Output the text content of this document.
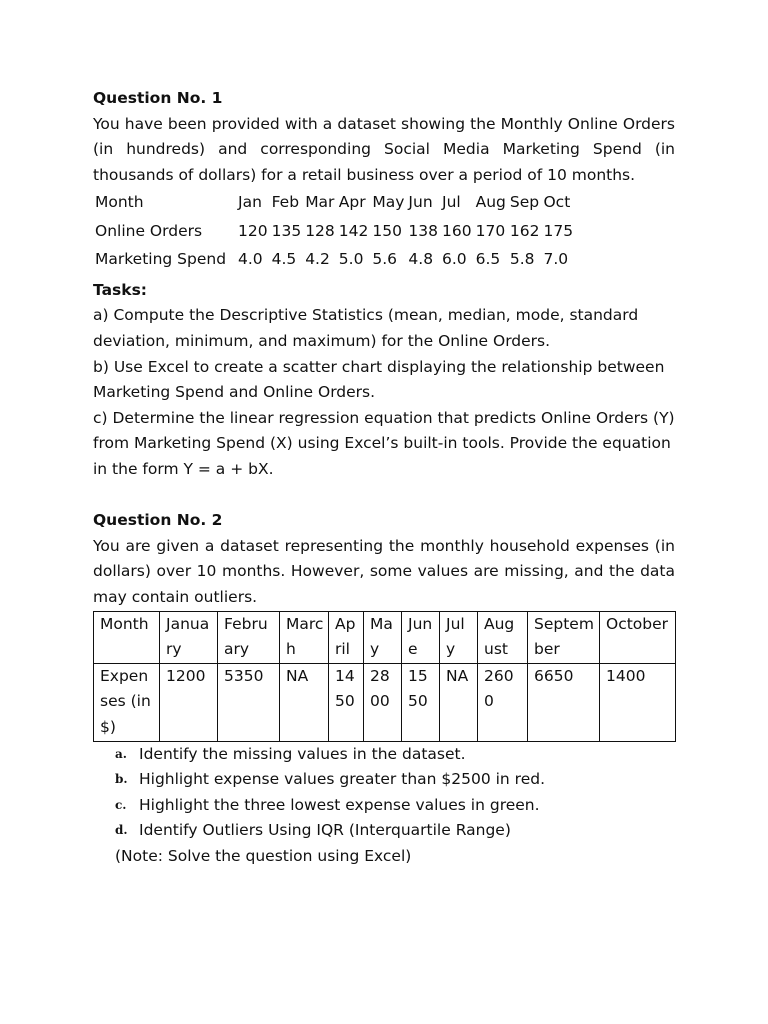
Question No. 1
You have been provided with a dataset showing the Monthly Online Orders (in hundreds) and corresponding Social Media Marketing Spend (in thousands of dollars) for a retail business over a period of 10 months.
Month	Jan	Feb	Mar	Apr	May	Jun	Jul	Aug	Sep	Oct
Online Orders	120	135	128	142	150	138	160	170	162	175
Marketing Spend	4.0	4.5	4.2	5.0	5.6	4.8	6.0	6.5	5.8	7.0
Tasks:
a) Compute the Descriptive Statistics (mean, median, mode, standard deviation, minimum, and maximum) for the Online Orders.
b) Use Excel to create a scatter chart displaying the relationship between Marketing Spend and Online Orders.
c) Determine the linear regression equation that predicts Online Orders (Y) from Marketing Spend (X) using Excel’s built-in tools. Provide the equation in the form Y = a + bX.
Question No. 2
You are given a dataset representing the monthly household expenses (in dollars) over 10 months. However, some values are missing, and the data may contain outliers.
Month	January	February	March	April	May	June	July	August	September	October
Expenses (in $)	1200	5350	NA	1450	2800	1550	NA	2600	6650	1400
a. Identify the missing values in the dataset.
b. Highlight expense values greater than $2500 in red.
c. Highlight the three lowest expense values in green.
d. Identify Outliers Using IQR (Interquartile Range)
(Note: Solve the question using Excel)
